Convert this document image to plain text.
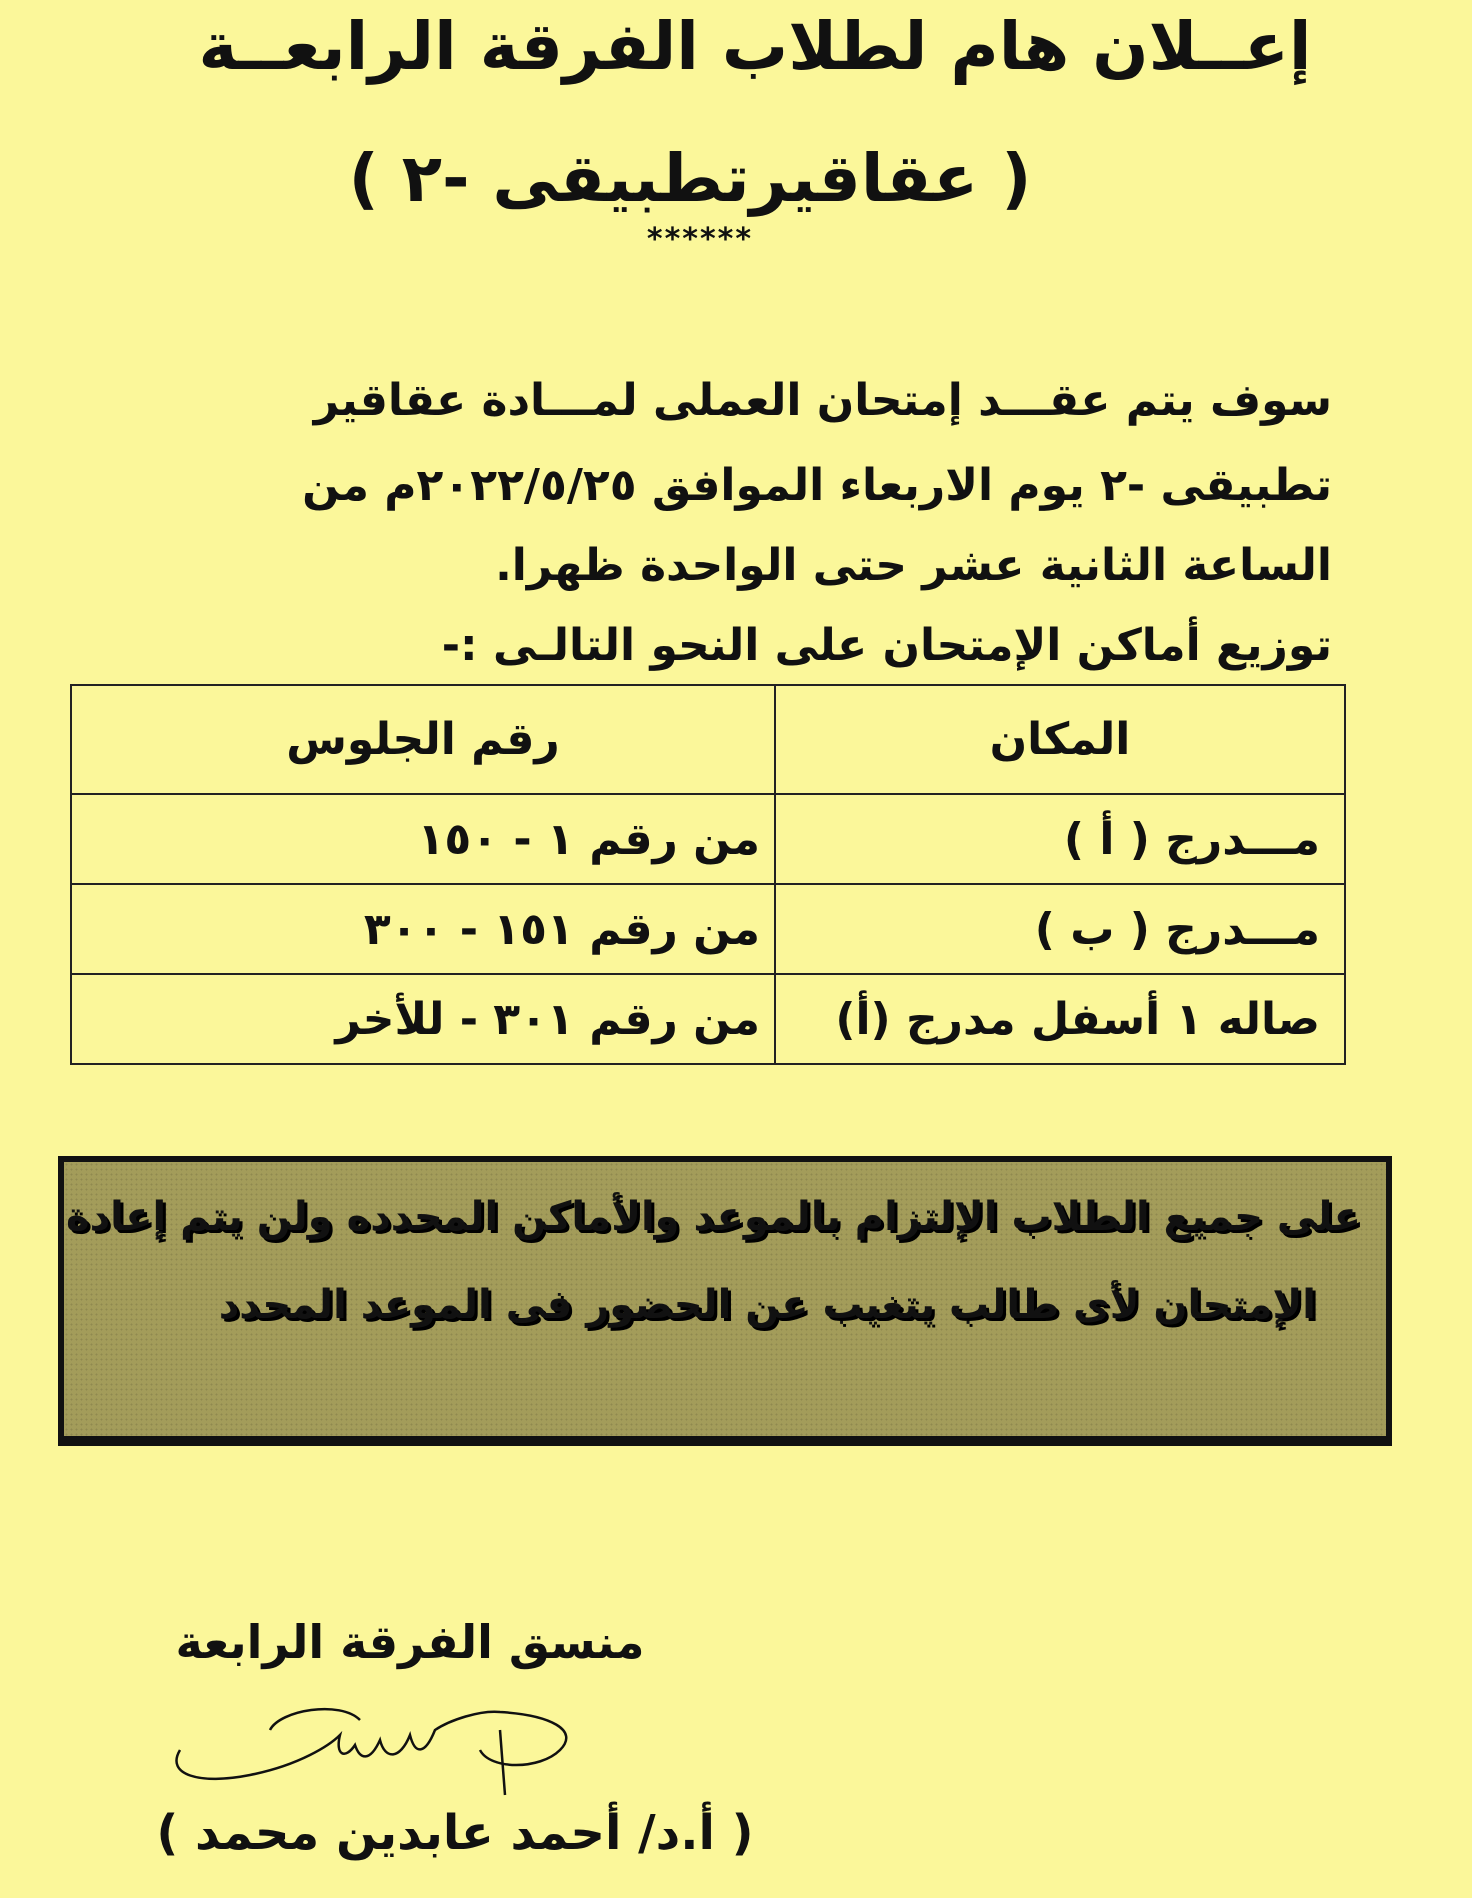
إعــلان هام لطلاب الفرقة الرابعــة
( عقاقيرتطبيقى -٢ )
******
سوف يتم عقـــد إمتحان العملى لمـــادة عقاقير
تطبيقى -٢ يوم الاربعاء الموافق ٢٠٢٢/٥/٢٥م من
الساعة الثانية عشر حتى الواحدة ظهرا.
توزيع أماكن الإمتحان على النحو التالـى :-
المكان	رقم الجلوس
مـــدرج ( أ )	من رقم ١ - ١٥٠
مـــدرج ( ب )	من رقم ١٥١ - ٣٠٠
صاله ١ أسفل مدرج (أ)	من رقم ٣٠١ - للأخر
على جميع الطلاب الإلتزام بالموعد والأماكن المحدده ولن يتم إعادة
الإمتحان لأى طالب يتغيب عن الحضور فى الموعد المحدد
منسق الفرقة الرابعة
( أ.د/ أحمد عابدين محمد )
